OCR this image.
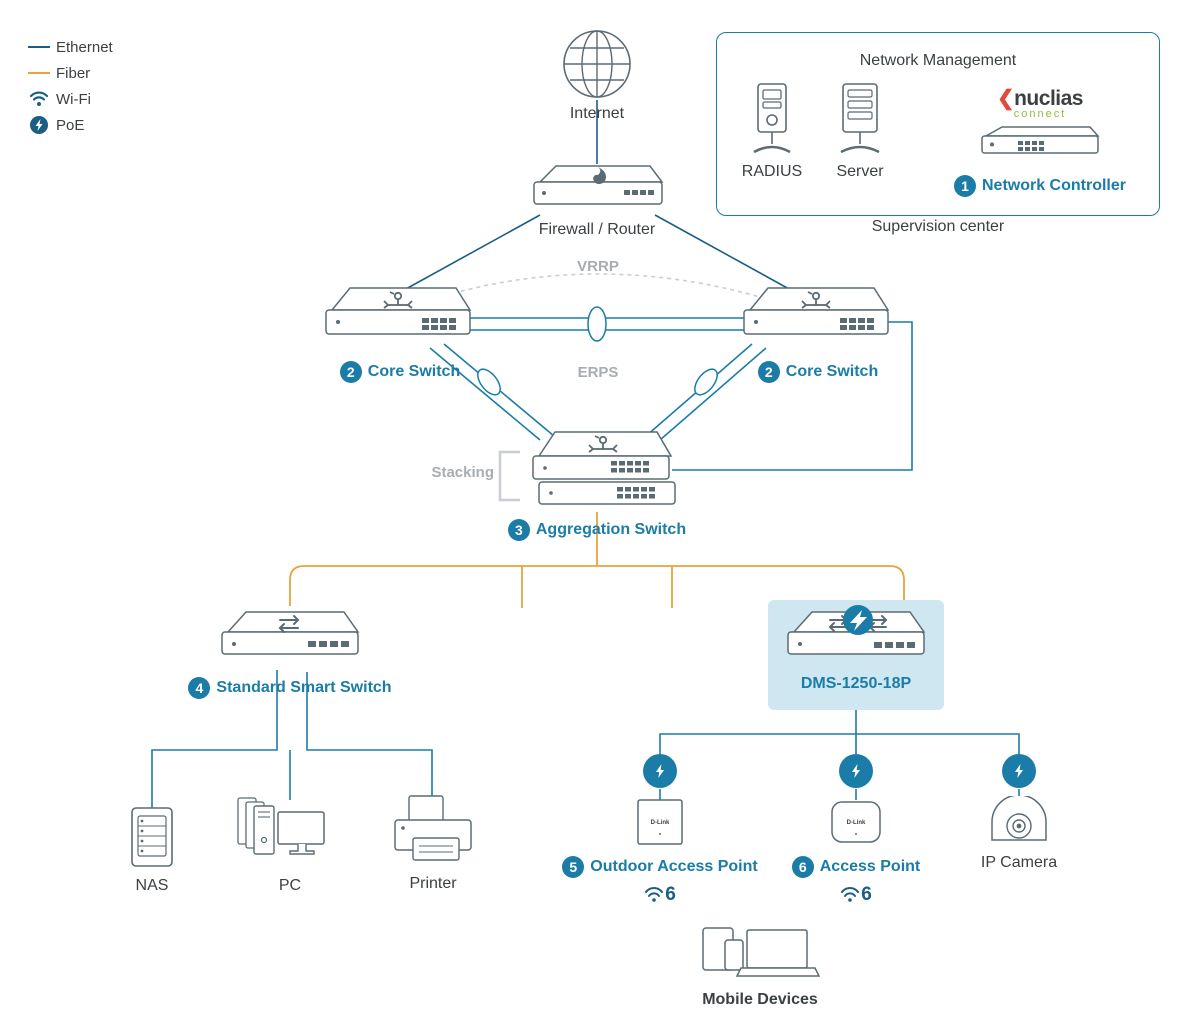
Ethernet
Fiber
Wi-Fi
PoE
Network Management
RADIUS	Server
❮nuclias
connect
1 Network Controller
Supervision center
Internet
Firewall / Router
2 Core Switch	2 Core Switch
VRRP
ERPS
Stacking
3 Aggregation Switch
4 Standard Smart Switch	DMS-1250-18P
NAS	PC	Printer
D-Link
5 Outdoor Access Point
6
D-Link
6 Access Point
6
IP Camera
Mobile Devices
